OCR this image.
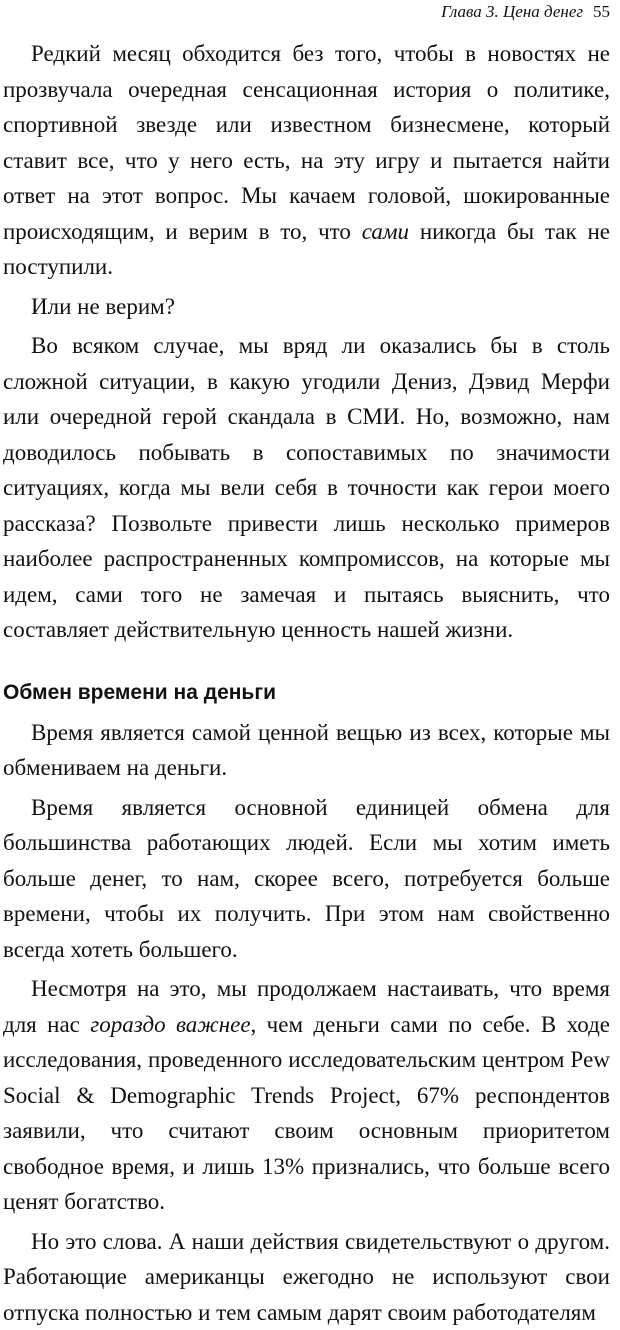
Глава 3. Цена денег 55

Редкий месяц обходится без того, чтобы в новостях не прозвучала очередная сенсационная история о политике, спортивной звезде или известном бизнесмене, который ставит все, что у него есть, на эту игру и пытается найти ответ на этот вопрос. Мы качаем головой, шокированные происходящим, и верим в то, что сами никогда бы так не поступили.

Или не верим?

Во всяком случае, мы вряд ли оказались бы в столь сложной ситуации, в какую угодили Дениз, Дэвид Мерфи или очередной герой скандала в СМИ. Но, возможно, нам доводилось побывать в сопоставимых по значимости ситуациях, когда мы вели себя в точности как герои моего рассказа? Позвольте привести лишь несколько примеров наиболее распространенных компромиссов, на которые мы идем, сами того не замечая и пытаясь выяснить, что составляет действительную ценность нашей жизни.

Обмен времени на деньги

Время является самой ценной вещью из всех, которые мы обмениваем на деньги.

Время является основной единицей обмена для большинства работающих людей. Если мы хотим иметь больше денег, то нам, скорее всего, потребуется больше времени, чтобы их получить. При этом нам свойственно всегда хотеть большего.

Несмотря на это, мы продолжаем настаивать, что время для нас гораздо важнее, чем деньги сами по себе. В ходе исследования, проведенного исследовательским центром Pew Social & Demographic Trends Project, 67% респондентов заявили, что считают своим основным приоритетом свободное время, и лишь 13% признались, что больше всего ценят богатство.

Но это слова. А наши действия свидетельствуют о другом. Работающие американцы ежегодно не используют свои отпуска полностью и тем самым дарят своим работодателям
